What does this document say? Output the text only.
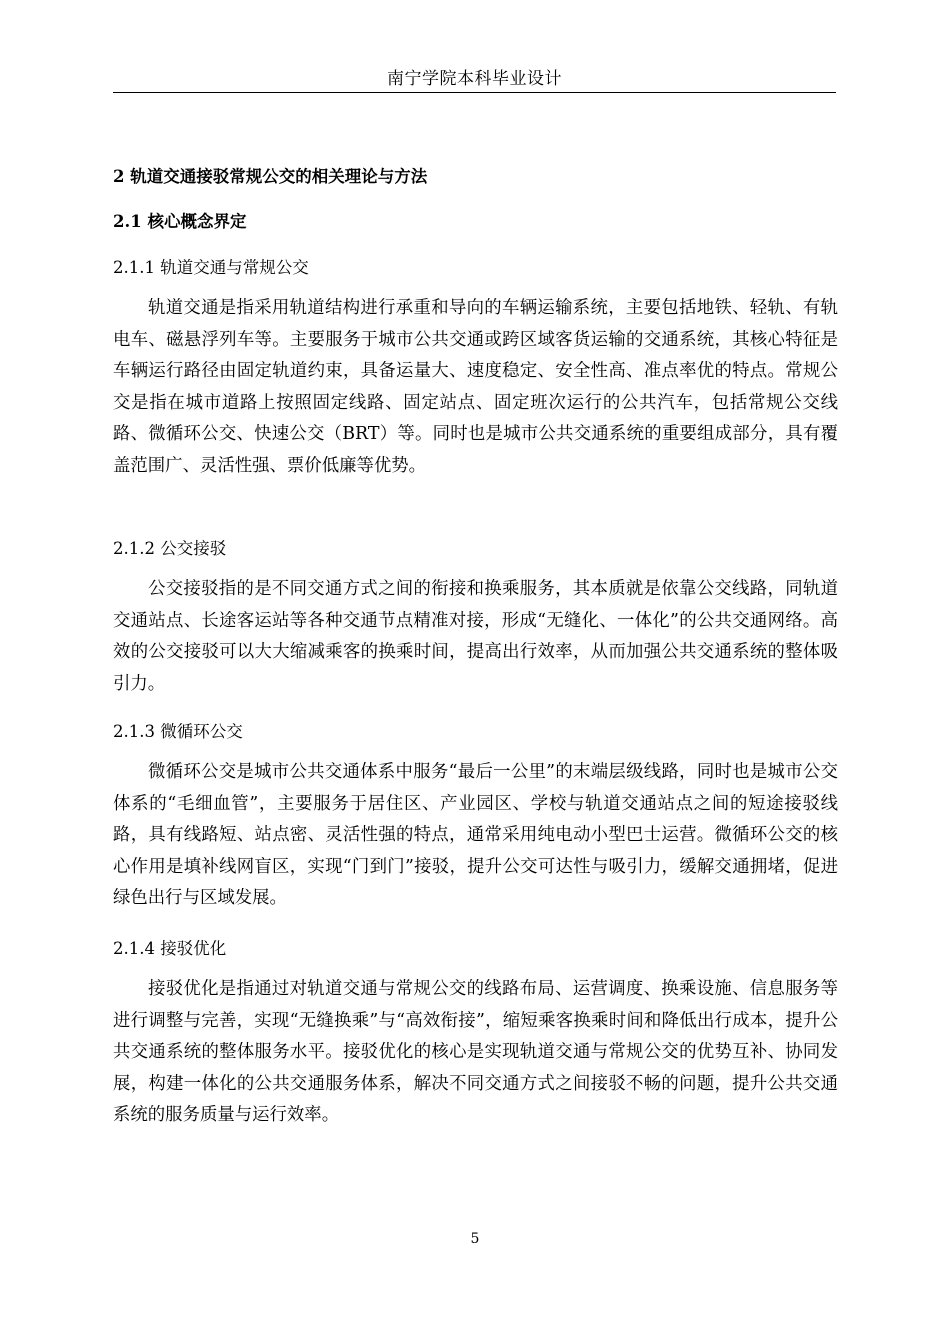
南宁学院本科毕业设计
2 轨道交通接驳常规公交的相关理论与方法
2.1 核心概念界定
2.1.1 轨道交通与常规公交
轨道交通是指采用轨道结构进行承重和导向的车辆运输系统，主要包括地铁、轻轨、有轨电车、磁悬浮列车等。主要服务于城市公共交通或跨区域客货运输的交通系统，其核心特征是车辆运行路径由固定轨道约束，具备运量大、速度稳定、安全性高、准点率优的特点。常规公交是指在城市道路上按照固定线路、固定站点、固定班次运行的公共汽车，包括常规公交线路、微循环公交、快速公交（BRT）等。同时也是城市公共交通系统的重要组成部分，具有覆盖范围广、灵活性强、票价低廉等优势。
2.1.2 公交接驳
公交接驳指的是不同交通方式之间的衔接和换乘服务，其本质就是依靠公交线路，同轨道交通站点、长途客运站等各种交通节点精准对接，形成“无缝化、一体化”的公共交通网络。高效的公交接驳可以大大缩减乘客的换乘时间，提高出行效率，从而加强公共交通系统的整体吸引力。
2.1.3 微循环公交
微循环公交是城市公共交通体系中服务“最后一公里”的末端层级线路，同时也是城市公交体系的“毛细血管”，主要服务于居住区、产业园区、学校与轨道交通站点之间的短途接驳线路，具有线路短、站点密、灵活性强的特点，通常采用纯电动小型巴士运营。微循环公交的核心作用是填补线网盲区，实现“门到门”接驳，提升公交可达性与吸引力，缓解交通拥堵，促进绿色出行与区域发展。
2.1.4 接驳优化
接驳优化是指通过对轨道交通与常规公交的线路布局、运营调度、换乘设施、信息服务等进行调整与完善，实现“无缝换乘”与“高效衔接”，缩短乘客换乘时间和降低出行成本，提升公共交通系统的整体服务水平。接驳优化的核心是实现轨道交通与常规公交的优势互补、协同发展，构建一体化的公共交通服务体系，解决不同交通方式之间接驳不畅的问题，提升公共交通系统的服务质量与运行效率。
5
